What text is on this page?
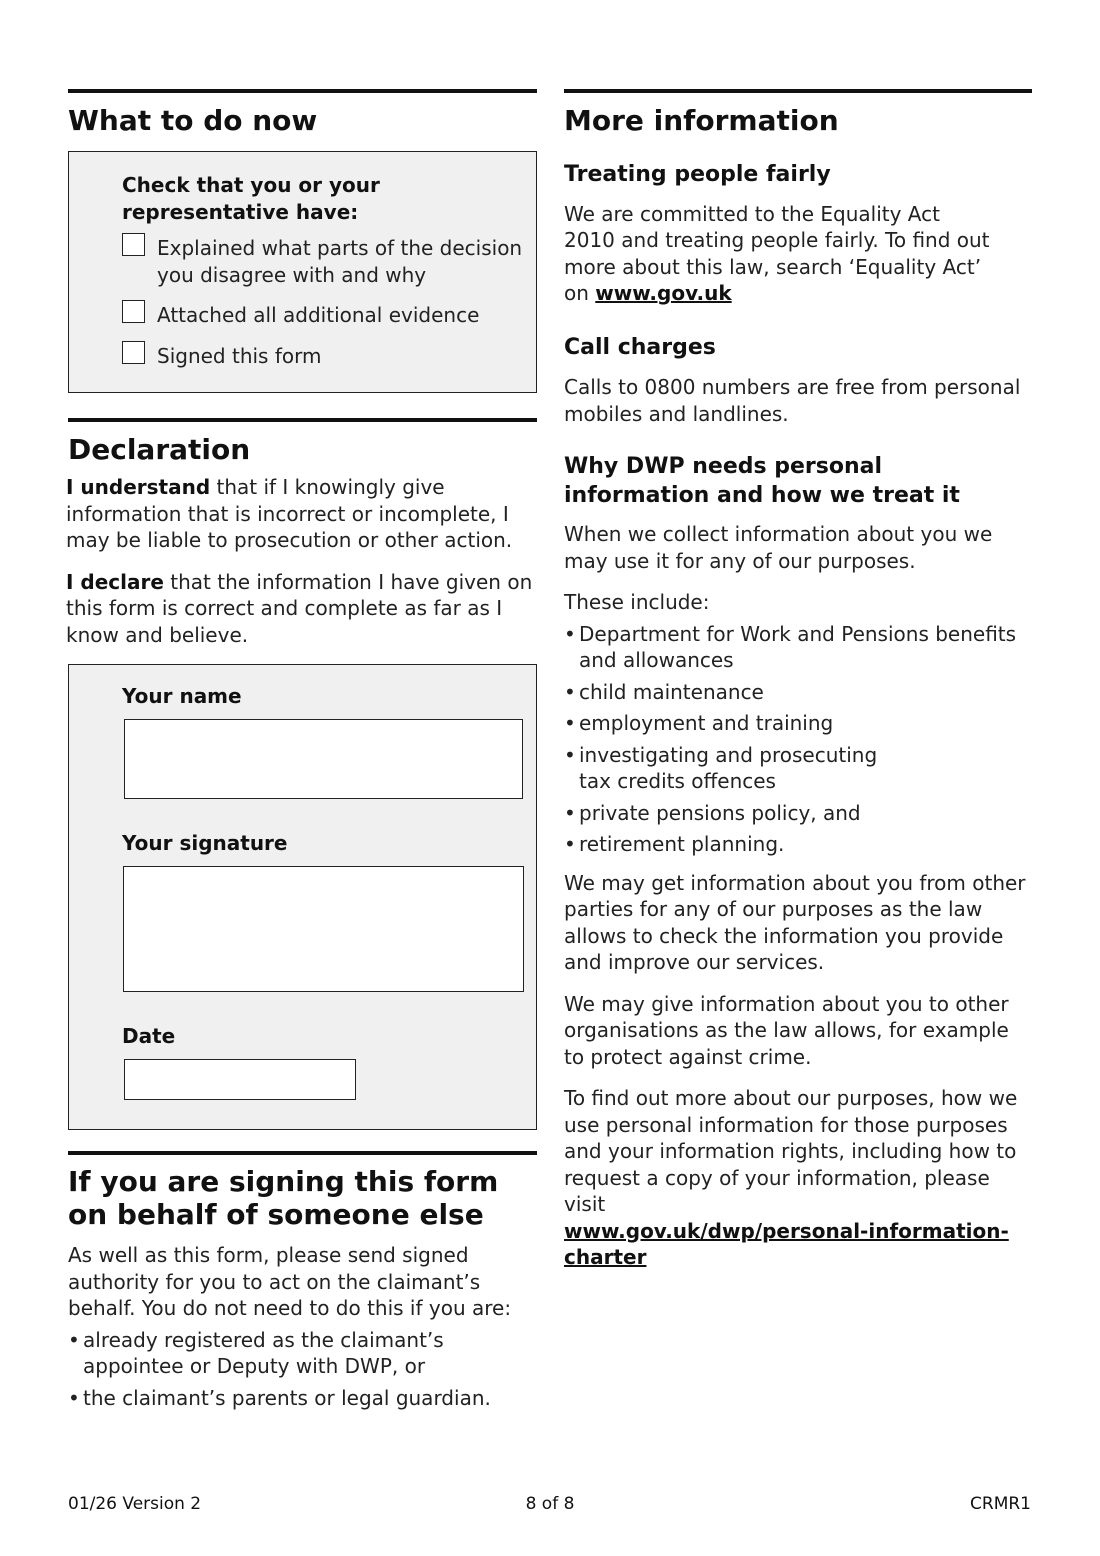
What to do now
Check that you or your representative have:

Explained what parts of the decision you disagree with and why

Attached all additional evidence

Signed this form

Declaration

I understand that if I knowingly give information that is incorrect or incomplete, I may be liable to prosecution or other action.

I declare that the information I have given on this form is correct and complete as far as I know and believe.

Your name
Your signature
Date
If you are signing this form on behalf of someone else

As well as this form, please send signed authority for you to act on the claimant’s behalf. You do not need to do this if you are:

• already registered as the claimant’s appointee or Deputy with DWP, or
• the claimant’s parents or legal guardian.
More information
Treating people fairly

We are committed to the Equality Act 2010 and treating people fairly. To find out more about this law, search ‘Equality Act’ on www.gov.uk

Call charges

Calls to 0800 numbers are free from personal mobiles and landlines.

Why DWP needs personal information and how we treat it

When we collect information about you we may use it for any of our purposes.

These include:

• Department for Work and Pensions benefits and allowances
• child maintenance
• employment and training
• investigating and prosecuting tax credits offences
• private pensions policy, and
• retirement planning.

We may get information about you from other parties for any of our purposes as the law allows to check the information you provide and improve our services.

We may give information about you to other organisations as the law allows, for example to protect against crime.

To find out more about our purposes, how we use personal information for those purposes and your information rights, including how to request a copy of your information, please visit

www.gov.uk/dwp/personal-information-charter

01/26 Version 2	8 of 8	CRMR1
